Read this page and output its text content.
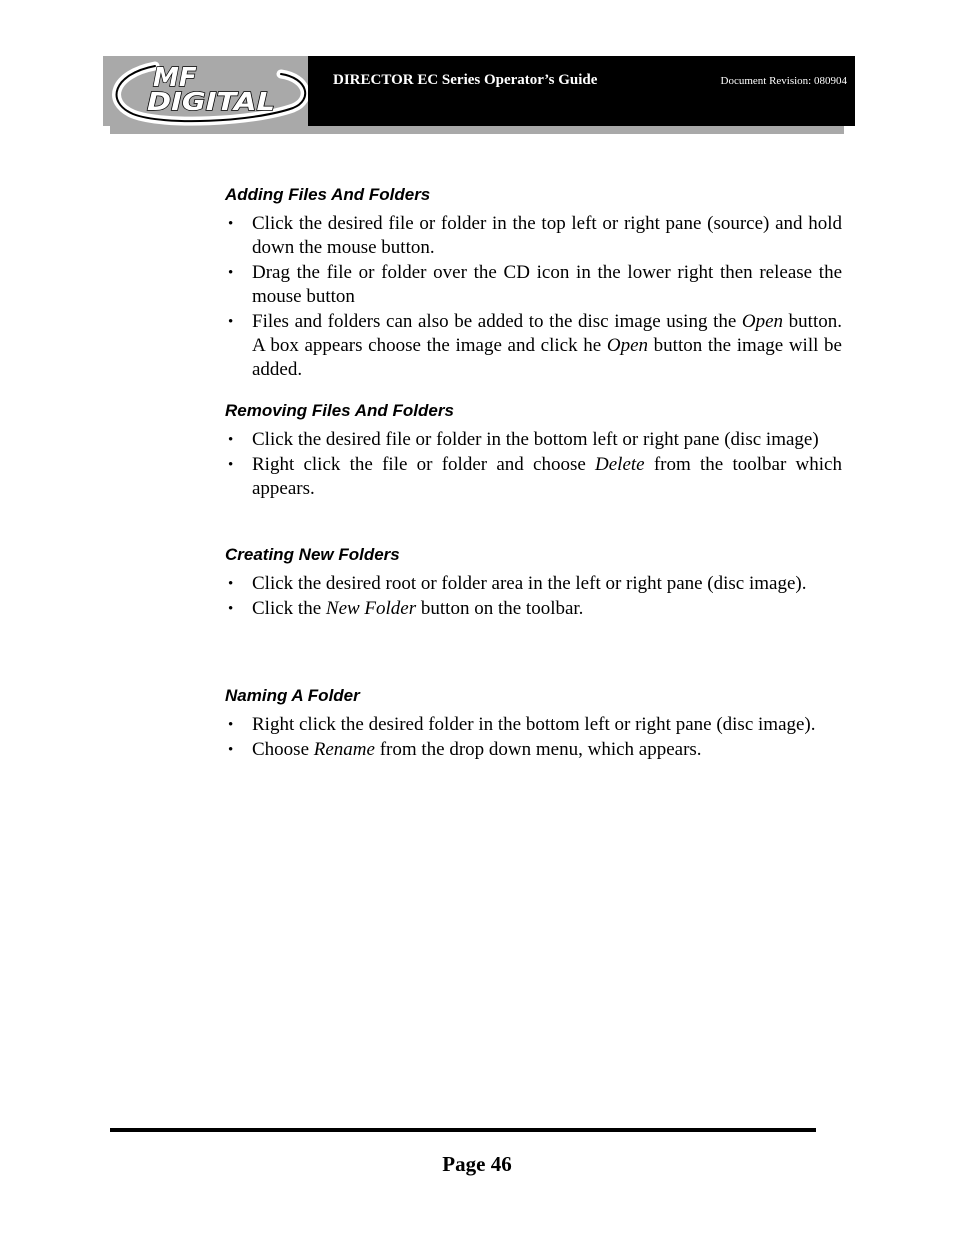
MF
DIGITAL
DIRECTOR EC Series Operator’s Guide	Document Revision: 080904
Adding Files And Folders
• Click the desired file or folder in the top left or right pane (source) and hold down the mouse button.
• Drag the file or folder over the CD icon in the lower right then release the mouse button
• Files and folders can also be added to the disc image using the Open button. A box appears choose the image and click he Open button the image will be added.
Removing Files And Folders
• Click the desired file or folder in the bottom left or right pane (disc image)
• Right click the file or folder and choose Delete from the toolbar which appears.
Creating New Folders
• Click the desired root or folder area in the left or right pane (disc image).
• Click the New Folder button on the toolbar.
Naming A Folder
• Right click the desired folder in the bottom left or right pane (disc image).
• Choose Rename from the drop down menu, which appears.
Page 46
